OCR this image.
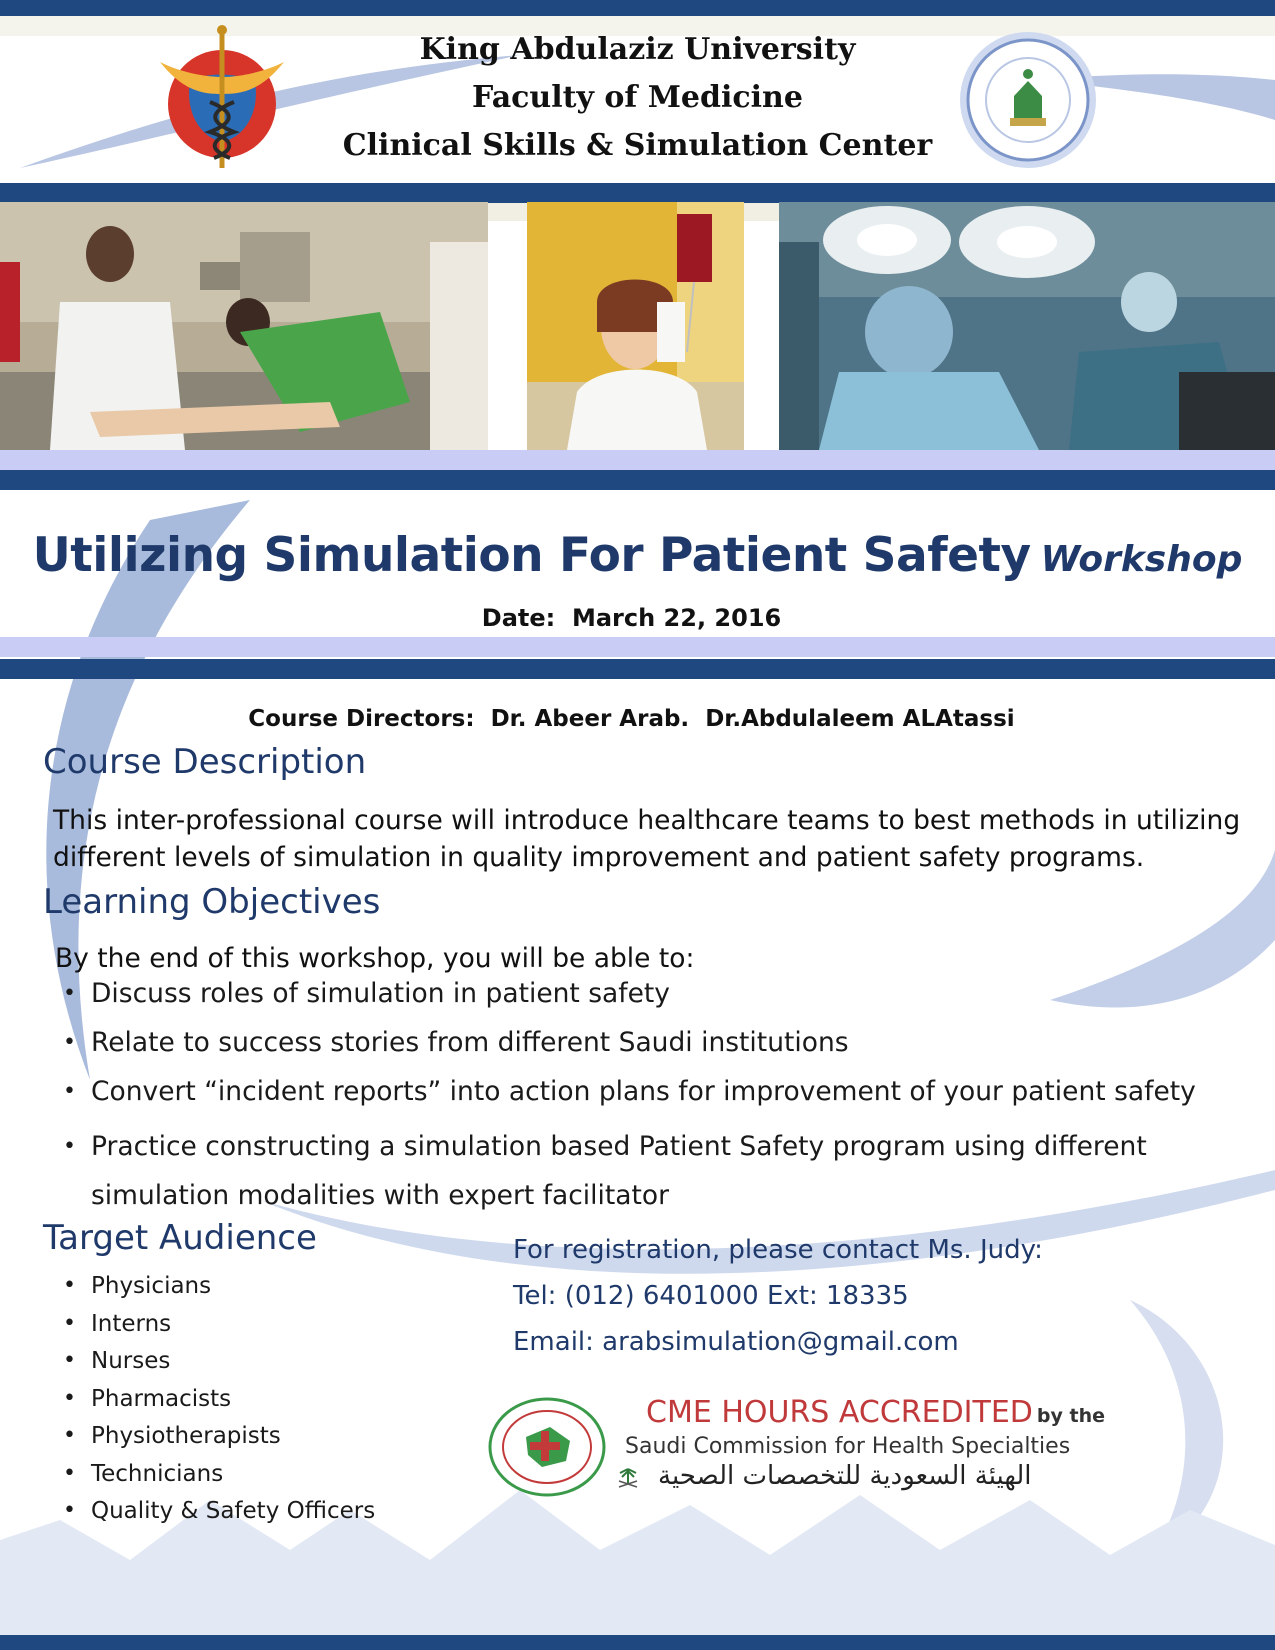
King Abdulaziz University
Faculty of Medicine
Clinical Skills & Simulation Center
Utilizing Simulation For Patient Safety Workshop
Date: March 22, 2016
Course Directors: Dr. Abeer Arab. Dr.Abdulaleem ALAtassi
Course Description
This inter-professional course will introduce healthcare teams to best methods in utilizing different levels of simulation in quality improvement and patient safety programs.
Learning Objectives
By the end of this workshop, you will be able to:
• Discuss roles of simulation in patient safety
• Relate to success stories from different Saudi institutions
• Convert “incident reports” into action plans for improvement of your patient safety
• Practice constructing a simulation based Patient Safety program using different simulation modalities with expert facilitator
Target Audience
• Physicians
• Interns
• Nurses
• Pharmacists
• Physiotherapists
• Technicians
• Quality & Safety Officers
For registration, please contact Ms. Judy:
Tel: (012) 6401000 Ext: 18335
Email: arabsimulation@gmail.com
CME HOURS ACCREDITED by the
Saudi Commission for Health Specialties
الهيئة السعودية للتخصصات الصحية
